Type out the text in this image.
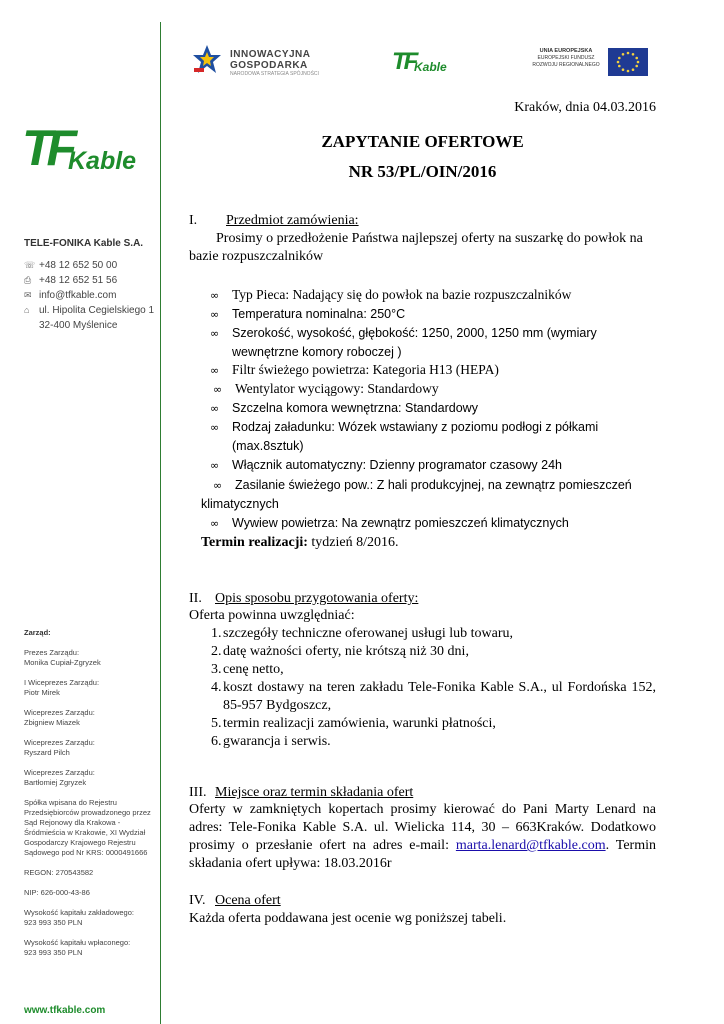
INNOWACYJNA
GOSPODARKA
NARODOWA STRATEGIA SPÓJNOŚCI	TF
Kable
UNIA EUROPEJSKA
EUROPEJSKI FUNDUSZ
ROZWOJU REGIONALNEGO
TF
Kable
TELE-FONIKA Kable S.A.
☏ +48 12 652 50 00
⎙ +48 12 652 51 56
✉ info@tfkable.com
⌂ ul. Hipolita Cegielskiego 1
32-400 Myślenice
Zarząd:
Prezes Zarządu:
Monika Cupiał-Zgryzek
I Wiceprezes Zarządu:
Piotr Mirek
Wiceprezes Zarządu:
Zbigniew Miazek
Wiceprezes Zarządu:
Ryszard Pilch
Wiceprezes Zarządu:
Bartłomiej Zgryzek
Spółka wpisana do Rejestru Przedsiębiorców prowadzonego przez Sąd Rejonowy dla Krakowa - Śródmieścia w Krakowie, XI Wydział Gospodarczy Krajowego Rejestru Sądowego pod Nr KRS: 0000491666
REGON: 270543582
NIP: 626-000-43-86
Wysokość kapitału zakładowego:
923 993 350 PLN
Wysokość kapitału wpłaconego:
923 993 350 PLN
www.tfkable.com
Kraków, dnia 04.03.2016
ZAPYTANIE OFERTOWE
NR 53/PL/OIN/2016
I. Przedmiot zamówienia:
Prosimy o przedłożenie Państwa najlepszej oferty na suszarkę do powłok na bazie rozpuszczalników
∞ Typ Pieca: Nadający się do powłok na bazie rozpuszczalników
∞ Temperatura nominalna: 250°C
∞ Szerokość, wysokość, głębokość: 1250, 2000, 1250 mm (wymiary
wewnętrzne komory roboczej )
∞ Filtr świeżego powietrza: Kategoria H13 (HEPA)
∞ Wentylator wyciągowy: Standardowy
∞ Szczelna komora wewnętrzna: Standardowy
∞ Rodzaj załadunku: Wózek wstawiany z poziomu podłogi z półkami
(max.8sztuk)
∞ Włącznik automatyczny: Dzienny programator czasowy 24h
∞ Zasilanie świeżego pow.: Z hali produkcyjnej, na zewnątrz pomieszczeń
klimatycznych
∞ Wywiew powietrza: Na zewnątrz pomieszczeń klimatycznych
Termin realizacji: tydzień 8/2016.
II. Opis sposobu przygotowania oferty:
Oferta powinna uwzględniać:
1. szczegóły techniczne oferowanej usługi lub towaru,
2. datę ważności oferty, nie krótszą niż 30 dni,
3. cenę netto,
4. koszt dostawy na teren zakładu Tele-Fonika Kable S.A., ul Fordońska 152, 85-957 Bydgoszcz,
5. termin realizacji zamówienia, warunki płatności,
6. gwarancja i serwis.
III. Miejsce oraz termin składania ofert
Oferty w zamkniętych kopertach prosimy kierować do Pani Marty Lenard na adres: Tele-Fonika Kable S.A. ul. Wielicka 114, 30 – 663Kraków. Dodatkowo prosimy o przesłanie ofert na adres e-mail: marta.lenard@tfkable.com. Termin składania ofert upływa: 18.03.2016r
IV. Ocena ofert
Każda oferta poddawana jest ocenie wg poniższej tabeli.
